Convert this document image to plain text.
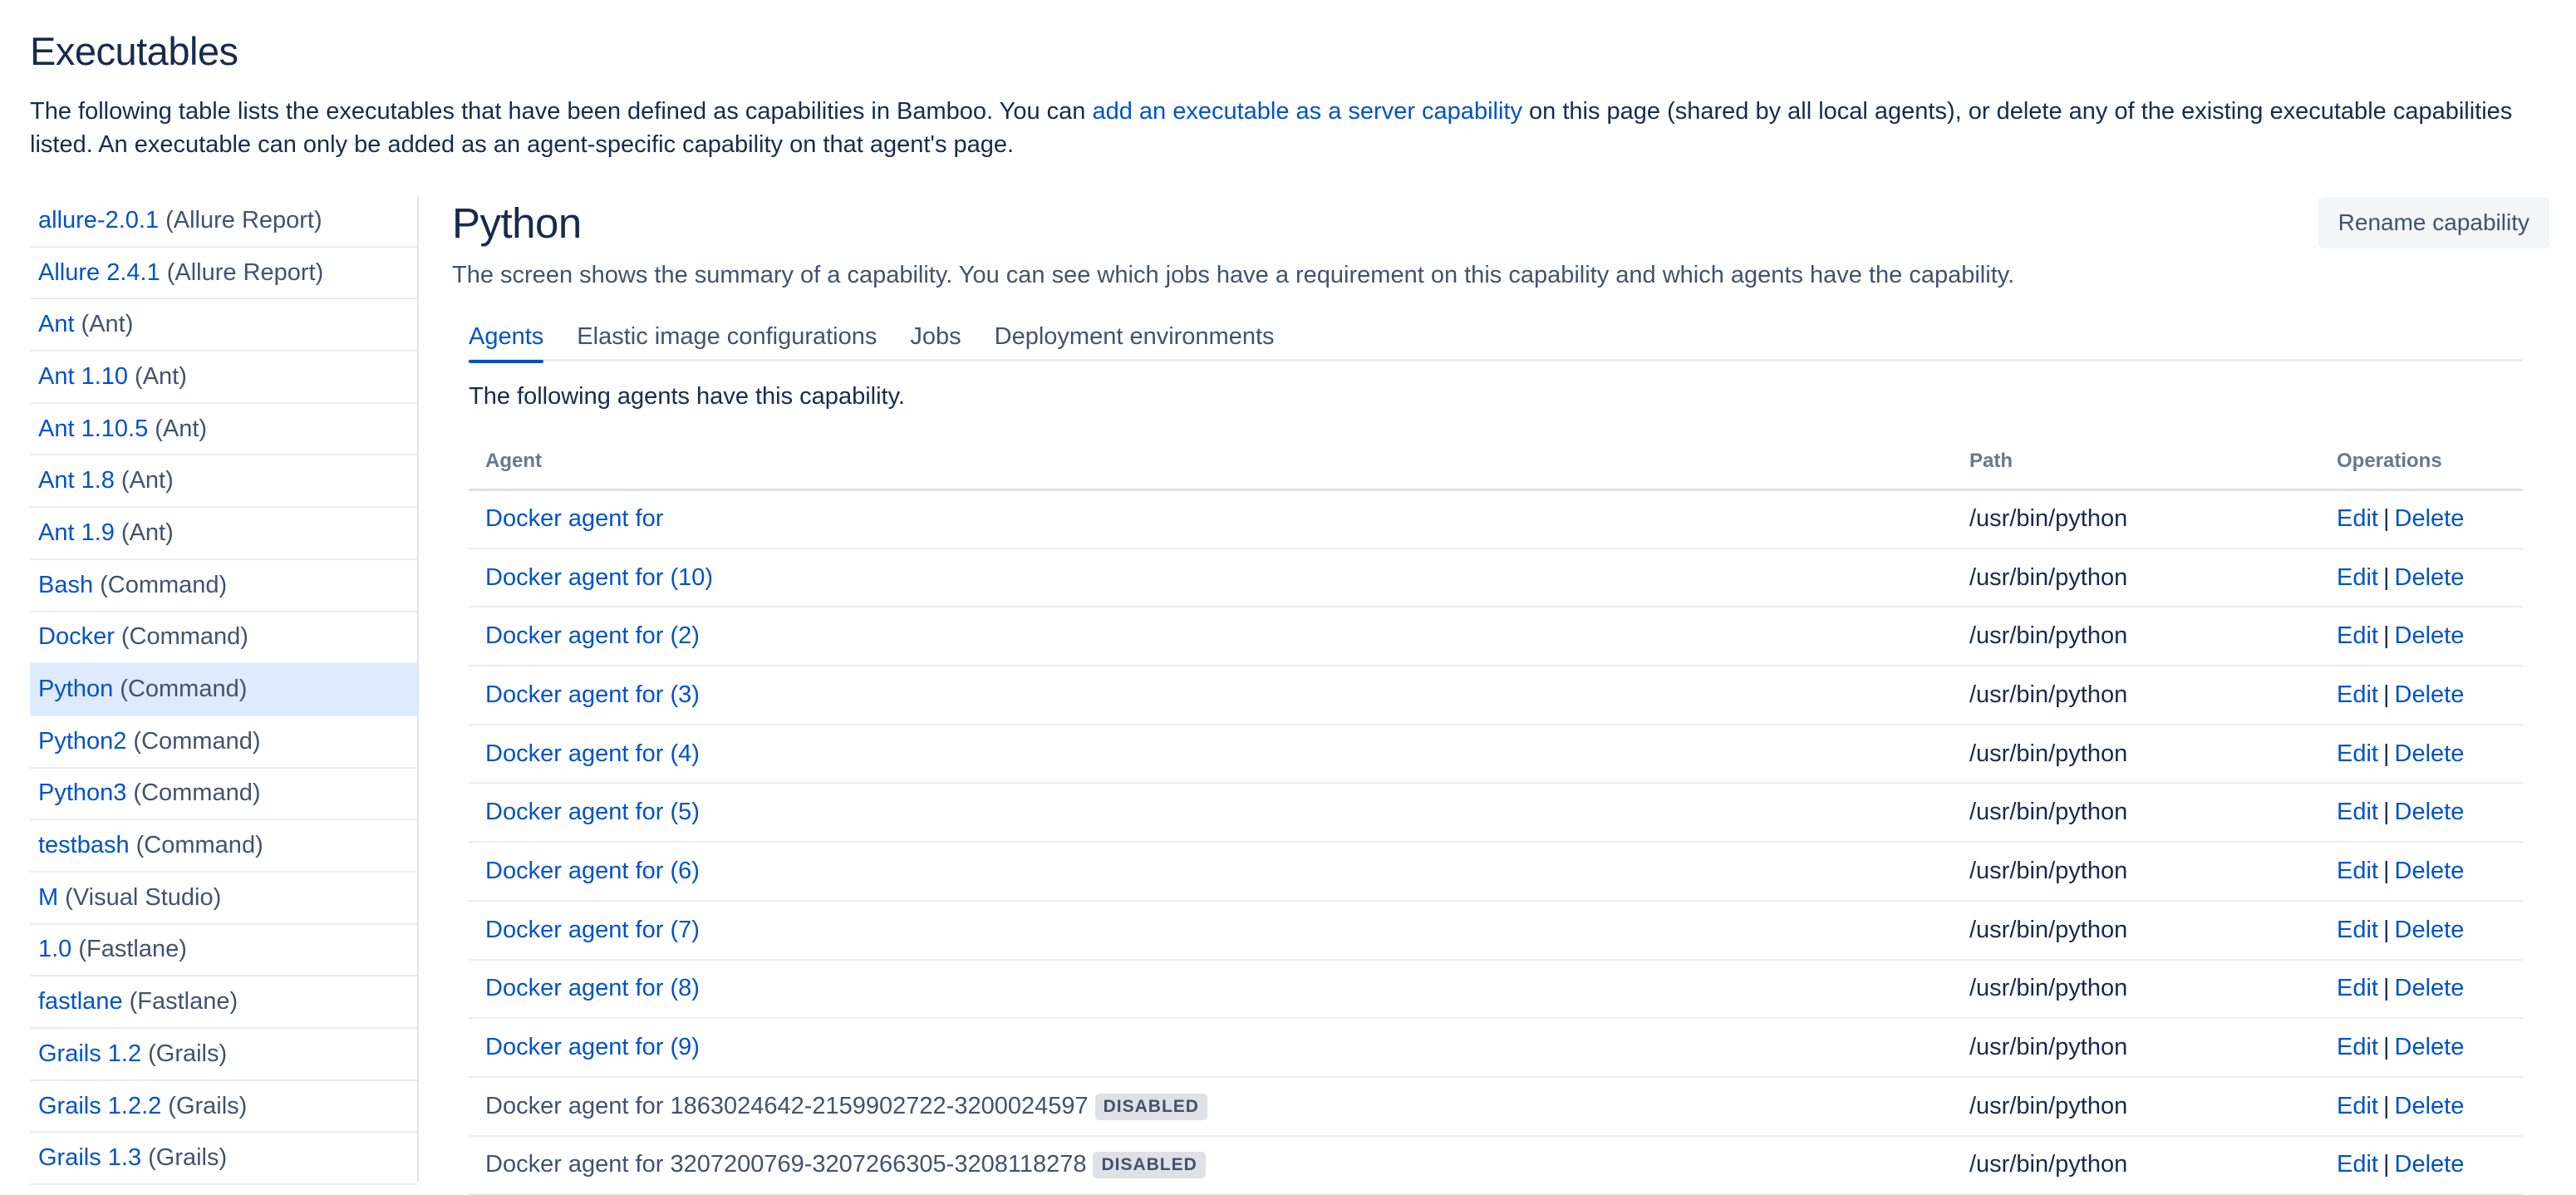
Executables

The following table lists the executables that have been defined as capabilities in Bamboo. You can add an executable as a server capability on this page (shared by all local agents), or delete any of the existing executable capabilities listed. An executable can only be added as an agent-specific capability on that agent's page.

allure-2.0.1 (Allure Report)
Allure 2.4.1 (Allure Report)
Ant (Ant)
Ant 1.10 (Ant)
Ant 1.10.5 (Ant)
Ant 1.8 (Ant)
Ant 1.9 (Ant)
Bash (Command)
Docker (Command)
Python (Command)
Python2 (Command)
Python3 (Command)
testbash (Command)
M (Visual Studio)
1.0 (Fastlane)
fastlane (Fastlane)
Grails 1.2 (Grails)
Grails 1.2.2 (Grails)
Grails 1.3 (Grails)
Python	Rename capability

The screen shows the summary of a capability. You can see which jobs have a requirement on this capability and which agents have the capability.

Agents Elastic image configurations Jobs Deployment environments

The following agents have this capability.

Agent	Path	Operations
Docker agent for	/usr/bin/python	Edit | Delete
Docker agent for (10)	/usr/bin/python	Edit | Delete
Docker agent for (2)	/usr/bin/python	Edit | Delete
Docker agent for (3)	/usr/bin/python	Edit | Delete
Docker agent for (4)	/usr/bin/python	Edit | Delete
Docker agent for (5)	/usr/bin/python	Edit | Delete
Docker agent for (6)	/usr/bin/python	Edit | Delete
Docker agent for (7)	/usr/bin/python	Edit | Delete
Docker agent for (8)	/usr/bin/python	Edit | Delete
Docker agent for (9)	/usr/bin/python	Edit | Delete
Docker agent for 1863024642-2159902722-3200024597 DISABLED	/usr/bin/python	Edit | Delete
Docker agent for 3207200769-3207266305-3208118278 DISABLED	/usr/bin/python	Edit | Delete
